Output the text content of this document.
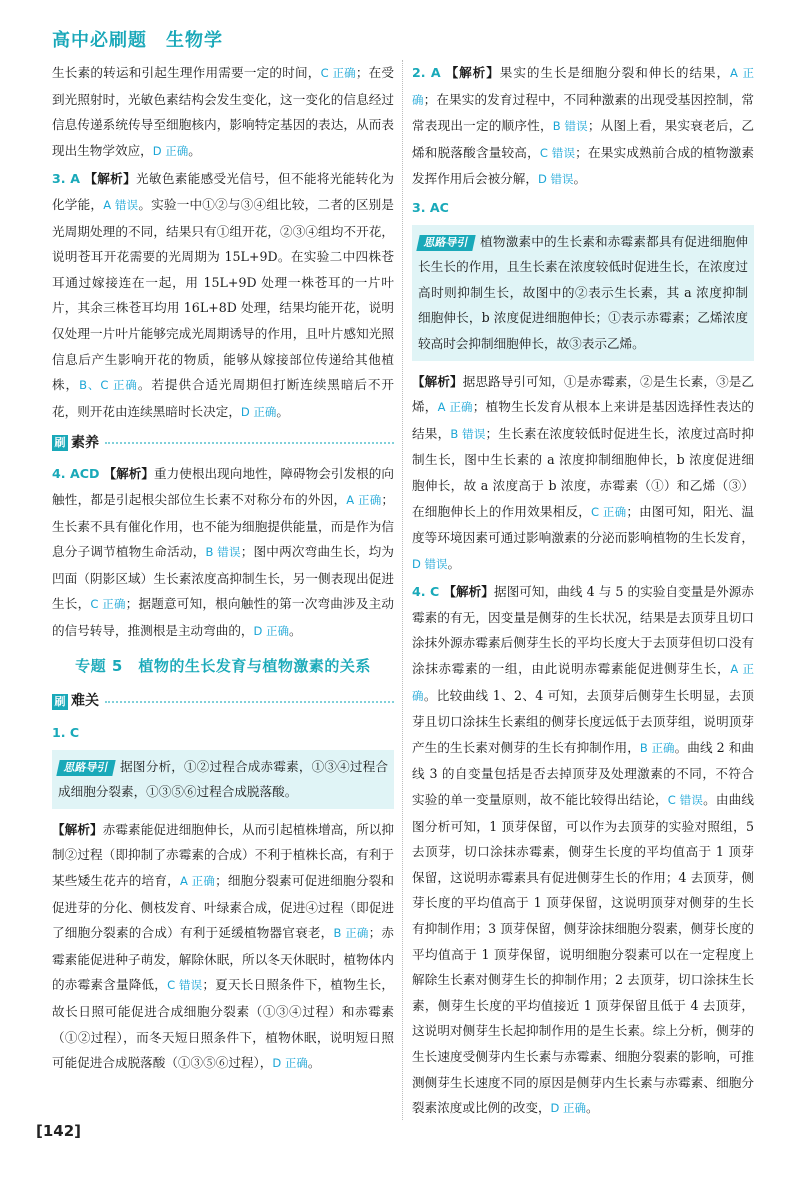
高中必刷题　生物学

生长素的转运和引起生理作用需要一定的时间，C 正确；在受到光照射时，光敏色素结构会发生变化，这一变化的信息经过信息传递系统传导至细胞核内，影响特定基因的表达，从而表现出生物学效应，D 正确。

3. A 【解析】光敏色素能感受光信号，但不能将光能转化为化学能，A 错误。实验一中①②与③④组比较，二者的区别是光周期处理的不同，结果只有①组开花，②③④组均不开花，说明苍耳开花需要的光周期为 15L+9D。在实验二中四株苍耳通过嫁接连在一起，用 15L+9D 处理一株苍耳的一片叶片，其余三株苍耳均用 16L+8D 处理，结果均能开花，说明仅处理一片叶片能够完成光周期诱导的作用，且叶片感知光照信息后产生影响开花的物质，能够从嫁接部位传递给其他植株，B、C 正确。若提供合适光周期但打断连续黑暗后不开花，则开花由连续黑暗时长决定，D 正确。

刷 素养

4. ACD 【解析】重力使根出现向地性，障碍物会引发根的向触性，都是引起根尖部位生长素不对称分布的外因，A 正确；生长素不具有催化作用，也不能为细胞提供能量，而是作为信息分子调节植物生命活动，B 错误；图中两次弯曲生长，均为凹面（阴影区域）生长素浓度高抑制生长，另一侧表现出促进生长，C 正确；据题意可知，根向触性的第一次弯曲涉及主动的信号转导，推测根是主动弯曲的，D 正确。

专题 5　植物的生长发育与植物激素的关系
刷 难关

1. C

思路导引 据图分析，①②过程合成赤霉素，①③④过程合成细胞分裂素，①③⑤⑥过程合成脱落酸。

【解析】赤霉素能促进细胞伸长，从而引起植株增高，所以抑制②过程（即抑制了赤霉素的合成）不利于植株长高，有利于某些矮生花卉的培育，A 正确；细胞分裂素可促进细胞分裂和促进芽的分化、侧枝发育、叶绿素合成，促进④过程（即促进了细胞分裂素的合成）有利于延缓植物器官衰老，B 正确；赤霉素能促进种子萌发，解除休眠，所以冬天休眠时，植物体内的赤霉素含量降低，C 错误；夏天长日照条件下，植物生长，故长日照可能促进合成细胞分裂素（①③④过程）和赤霉素（①②过程），而冬天短日照条件下，植物休眠，说明短日照可能促进合成脱落酸（①③⑤⑥过程），D 正确。

2. A 【解析】果实的生长是细胞分裂和伸长的结果，A 正确；在果实的发育过程中，不同种激素的出现受基因控制，常常表现出一定的顺序性，B 错误；从图上看，果实衰老后，乙烯和脱落酸含量较高，C 错误；在果实成熟前合成的植物激素发挥作用后会被分解，D 错误。

3. AC

思路导引 植物激素中的生长素和赤霉素都具有促进细胞伸长生长的作用，且生长素在浓度较低时促进生长，在浓度过高时则抑制生长，故图中的②表示生长素，其 a 浓度抑制细胞伸长，b 浓度促进细胞伸长；①表示赤霉素；乙烯浓度较高时会抑制细胞伸长，故③表示乙烯。

【解析】据思路导引可知，①是赤霉素，②是生长素，③是乙烯，A 正确；植物生长发育从根本上来讲是基因选择性表达的结果，B 错误；生长素在浓度较低时促进生长，浓度过高时抑制生长，图中生长素的 a 浓度抑制细胞伸长，b 浓度促进细胞伸长，故 a 浓度高于 b 浓度，赤霉素（①）和乙烯（③）在细胞伸长上的作用效果相反，C 正确；由图可知，阳光、温度等环境因素可通过影响激素的分泌而影响植物的生长发育，D 错误。

4. C 【解析】据图可知，曲线 4 与 5 的实验自变量是外源赤霉素的有无，因变量是侧芽的生长状况，结果是去顶芽且切口涂抹外源赤霉素后侧芽生长的平均长度大于去顶芽但切口没有涂抹赤霉素的一组，由此说明赤霉素能促进侧芽生长，A 正确。比较曲线 1、2、4 可知，去顶芽后侧芽生长明显，去顶芽且切口涂抹生长素组的侧芽长度远低于去顶芽组，说明顶芽产生的生长素对侧芽的生长有抑制作用，B 正确。曲线 2 和曲线 3 的自变量包括是否去掉顶芽及处理激素的不同，不符合实验的单一变量原则，故不能比较得出结论，C 错误。由曲线图分析可知，1 顶芽保留，可以作为去顶芽的实验对照组，5 去顶芽，切口涂抹赤霉素，侧芽生长度的平均值高于 1 顶芽保留，这说明赤霉素具有促进侧芽生长的作用；4 去顶芽，侧芽长度的平均值高于 1 顶芽保留，这说明顶芽对侧芽的生长有抑制作用；3 顶芽保留，侧芽涂抹细胞分裂素，侧芽长度的平均值高于 1 顶芽保留，说明细胞分裂素可以在一定程度上解除生长素对侧芽生长的抑制作用；2 去顶芽，切口涂抹生长素，侧芽生长度的平均值接近 1 顶芽保留且低于 4 去顶芽，这说明对侧芽生长起抑制作用的是生长素。综上分析，侧芽的生长速度受侧芽内生长素与赤霉素、细胞分裂素的影响，可推测侧芽生长速度不同的原因是侧芽内生长素与赤霉素、细胞分裂素浓度或比例的改变，D 正确。

[142]
